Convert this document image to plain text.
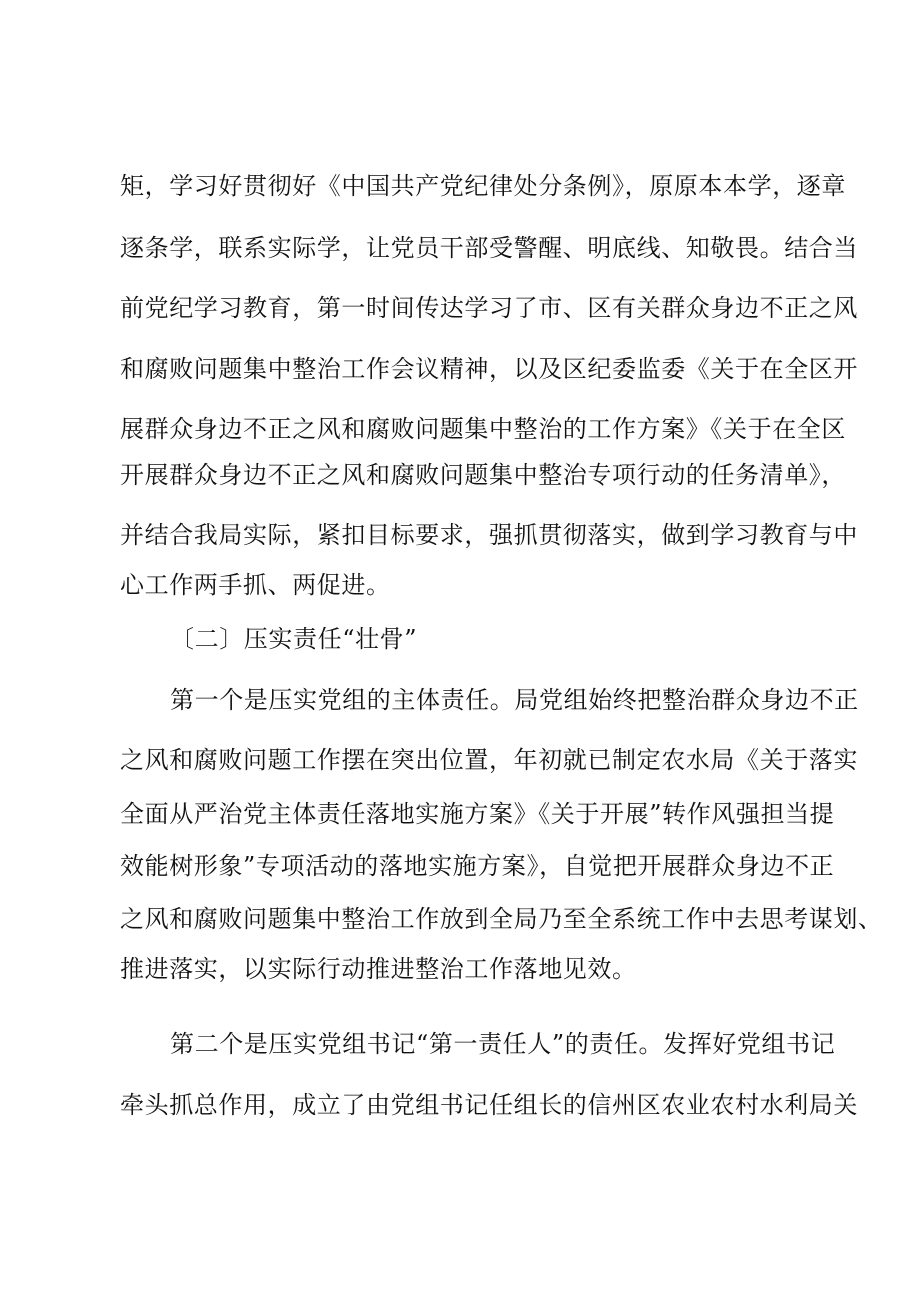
矩，学习好贯彻好《中国共产党纪律处分条例》，原原本本学，逐章
逐条学，联系实际学，让党员干部受警醒、明底线、知敬畏。结合当
前党纪学习教育，第一时间传达学习了市、区有关群众身边不正之风
和腐败问题集中整治工作会议精神，以及区纪委监委《关于在全区开
展群众身边不正之风和腐败问题集中整治的工作方案》《关于在全区
开展群众身边不正之风和腐败问题集中整治专项行动的任务清单》，
并结合我局实际，紧扣目标要求，强抓贯彻落实，做到学习教育与中
心工作两手抓、两促进。
〔二〕压实责任“壮骨”
第一个是压实党组的主体责任。局党组始终把整治群众身边不正
之风和腐败问题工作摆在突出位置，年初就已制定农水局《关于落实
全面从严治党主体责任落地实施方案》《关于开展”转作风强担当提
效能树形象”专项活动的落地实施方案》，自觉把开展群众身边不正
之风和腐败问题集中整治工作放到全局乃至全系统工作中去思考谋划、
推进落实，以实际行动推进整治工作落地见效。
第二个是压实党组书记“第一责任人”的责任。发挥好党组书记
牵头抓总作用，成立了由党组书记任组长的信州区农业农村水利局关
